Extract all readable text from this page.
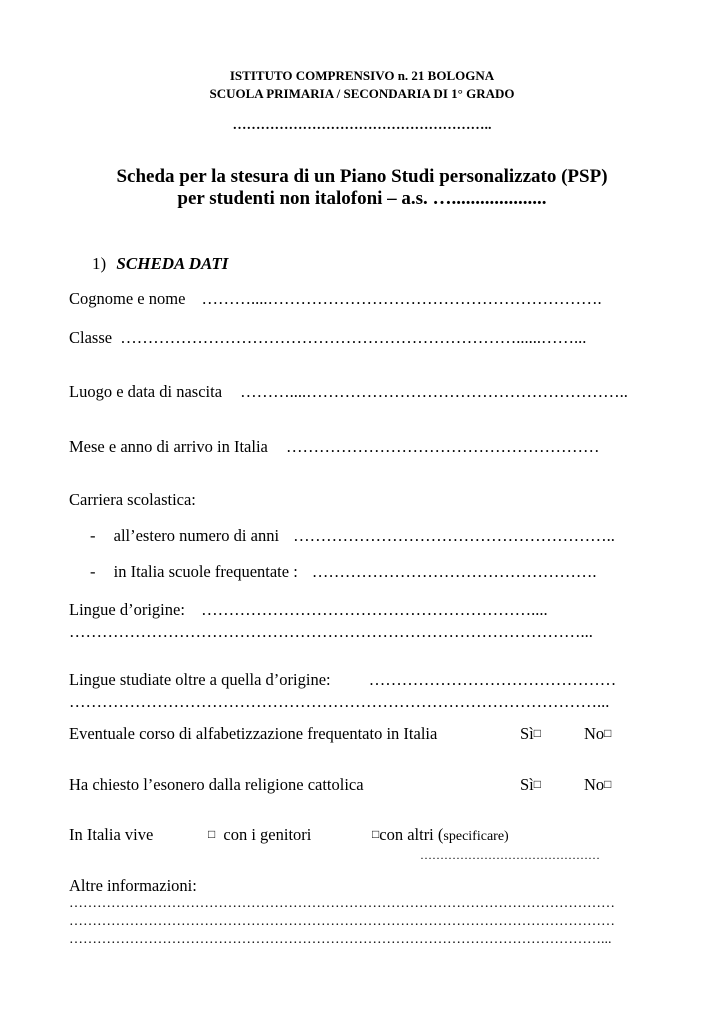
ISTITUTO COMPRENSIVO n. 21 BOLOGNA
SCUOLA PRIMARIA / SECONDARIA DI 1° GRADO
………………………………………………..
Scheda per la stesura di un Piano Studi personalizzato (PSP)
per studenti non italofoni – a.s. …....................
1) SCHEDA DATI
Cognome e nome ………....…………………………………………………….
Classe ………………………………………………………………......……...
Luogo e data di nascita ………....…………………………………………………..
Mese e anno di arrivo in Italia …………………………………………………
Carriera scolastica:
- all’estero numero di anni …………………………………………………..
- in Italia scuole frequentate : …………………………………………….
Lingue d’origine: ……………………………………………………....
…………………………………………………………………………………...
Lingue studiate oltre a quella d’origine: ………………………………………
……………………………………………………………………………………...
Eventuale corso di alfabetizzazione frequentato in Italia	Sì□	No□
Ha chiesto l’esonero dalla religione cattolica	Sì□	No□
In Italia vive	□ con i genitori	□con altri (specificare)
………………………………………
Altre informazioni:
………………………………………………………………………………………………………
………………………………………………………………………………………………………
……………………………………………………………………………………………………...
